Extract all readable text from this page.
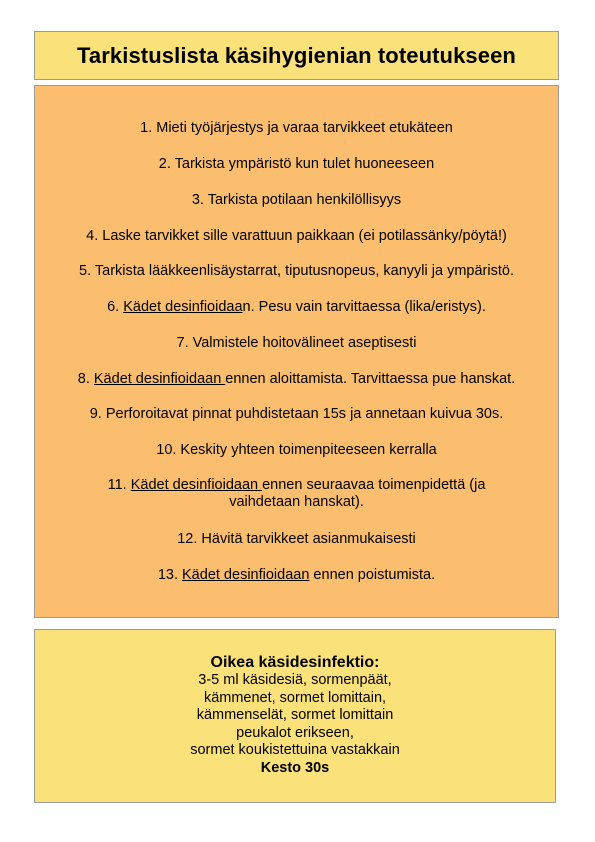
Tarkistuslista käsihygienian toteutukseen
1. Mieti työjärjestys ja varaa tarvikkeet etukäteen
2. Tarkista ympäristö kun tulet huoneeseen
3. Tarkista potilaan henkilöllisyys
4. Laske tarvikket sille varattuun paikkaan (ei potilassänky/pöytä!)
5. Tarkista lääkkeenlisäystarrat, tiputusnopeus, kanyyli ja ympäristö.
6. Kädet desinfioidaan. Pesu vain tarvittaessa (lika/eristys).
7. Valmistele hoitovälineet aseptisesti
8. Kädet desinfioidaan ennen aloittamista. Tarvittaessa pue hanskat.
9. Perforoitavat pinnat puhdistetaan 15s ja annetaan kuivua 30s.
10. Keskity yhteen toimenpiteeseen kerralla
11. Kädet desinfioidaan ennen seuraavaa toimenpidettä (ja
vaihdetaan hanskat).
12. Hävitä tarvikkeet asianmukaisesti
13. Kädet desinfioidaan ennen poistumista.
Oikea käsidesinfektio:
3-5 ml käsidesiä, sormenpäät,
kämmenet, sormet lomittain,
kämmenselät, sormet lomittain
peukalot erikseen,
sormet koukistettuina vastakkain
Kesto 30s
